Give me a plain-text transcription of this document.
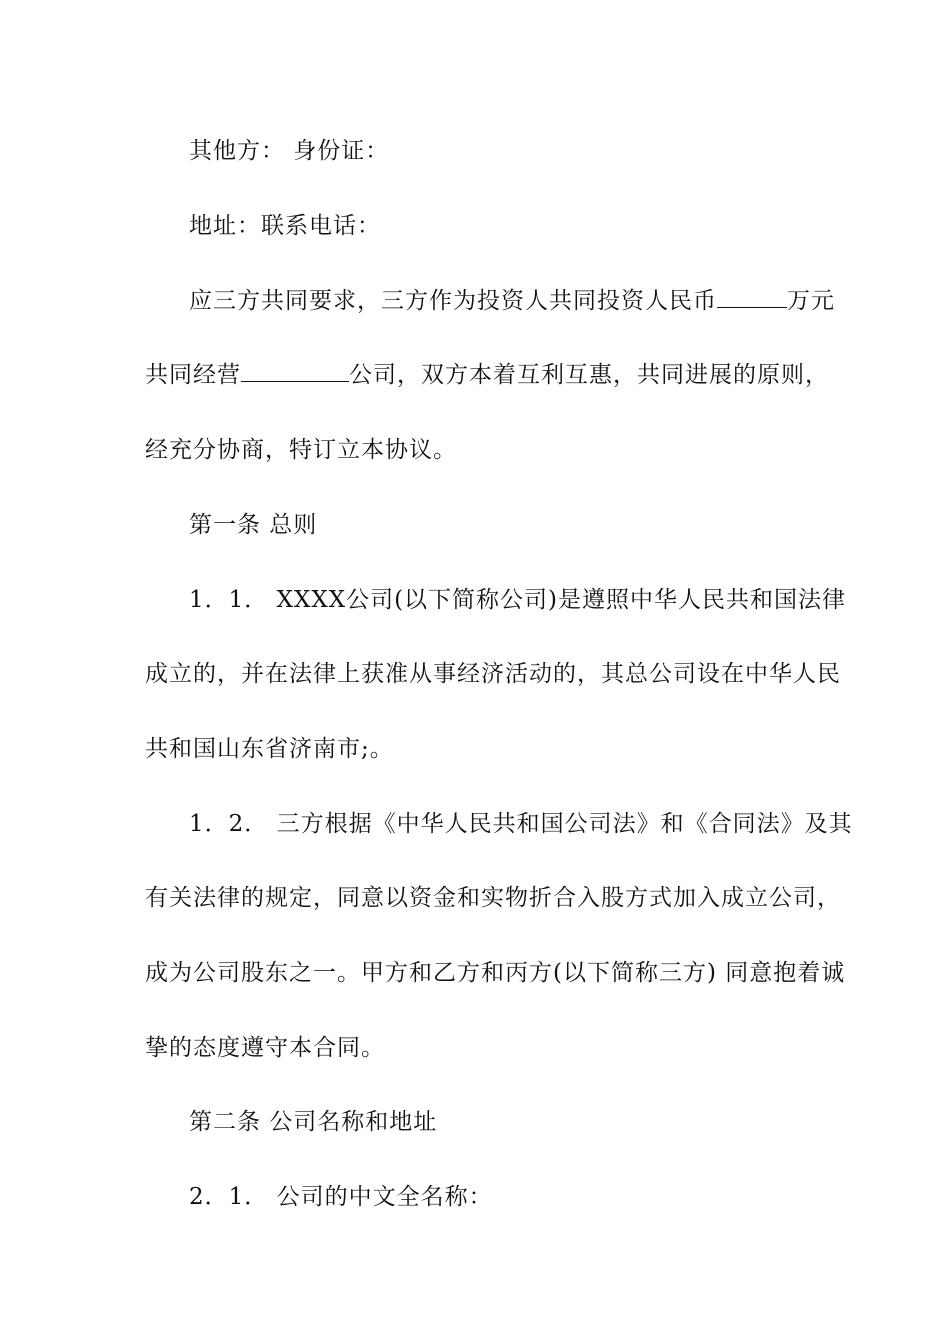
其他方： 身份证：
地址：联系电话：
应三方共同要求，三方作为投资人共同投资人民币	万元
共同经营	公司，双方本着互利互惠，共同进展的原则，
经充分协商，特订立本协议。
第一条 总则
1．1． XXXX公司(以下简称公司)是遵照中华人民共和国法律
成立的，并在法律上获准从事经济活动的，其总公司设在中华人民
共和国山东省济南市;。
1．2． 三方根据《中华人民共和国公司法》和《合同法》及其
有关法律的规定，同意以资金和实物折合入股方式加入成立公司，
成为公司股东之一。甲方和乙方和丙方(以下简称三方) 同意抱着诚
挚的态度遵守本合同。
第二条 公司名称和地址
2．1． 公司的中文全名称：
